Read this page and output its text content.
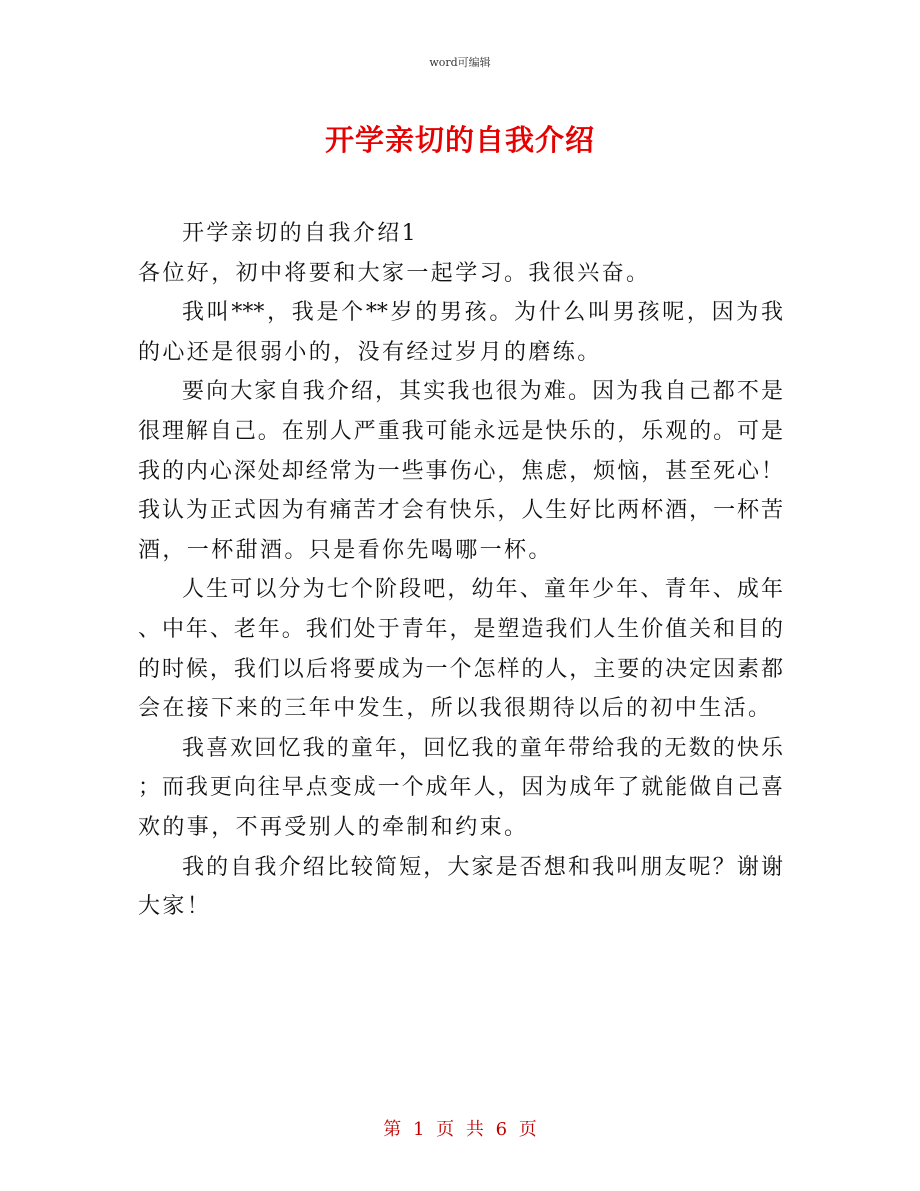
word可编辑
开学亲切的自我介绍
开学亲切的自我介绍1
各位好，初中将要和大家一起学习。我很兴奋。
我叫***，我是个**岁的男孩。为什么叫男孩呢，因为我
的心还是很弱小的，没有经过岁月的磨练。
要向大家自我介绍，其实我也很为难。因为我自己都不是
很理解自己。在别人严重我可能永远是快乐的，乐观的。可是
我的内心深处却经常为一些事伤心，焦虑，烦恼，甚至死心！
我认为正式因为有痛苦才会有快乐，人生好比两杯酒，一杯苦
酒，一杯甜酒。只是看你先喝哪一杯。
人生可以分为七个阶段吧，幼年、童年少年、青年、成年
、中年、老年。我们处于青年，是塑造我们人生价值关和目的
的时候，我们以后将要成为一个怎样的人，主要的决定因素都
会在接下来的三年中发生，所以我很期待以后的初中生活。
我喜欢回忆我的童年，回忆我的童年带给我的无数的快乐
；而我更向往早点变成一个成年人，因为成年了就能做自己喜
欢的事，不再受别人的牵制和约束。
我的自我介绍比较简短，大家是否想和我叫朋友呢？谢谢
大家！
第 1 页 共 6 页
